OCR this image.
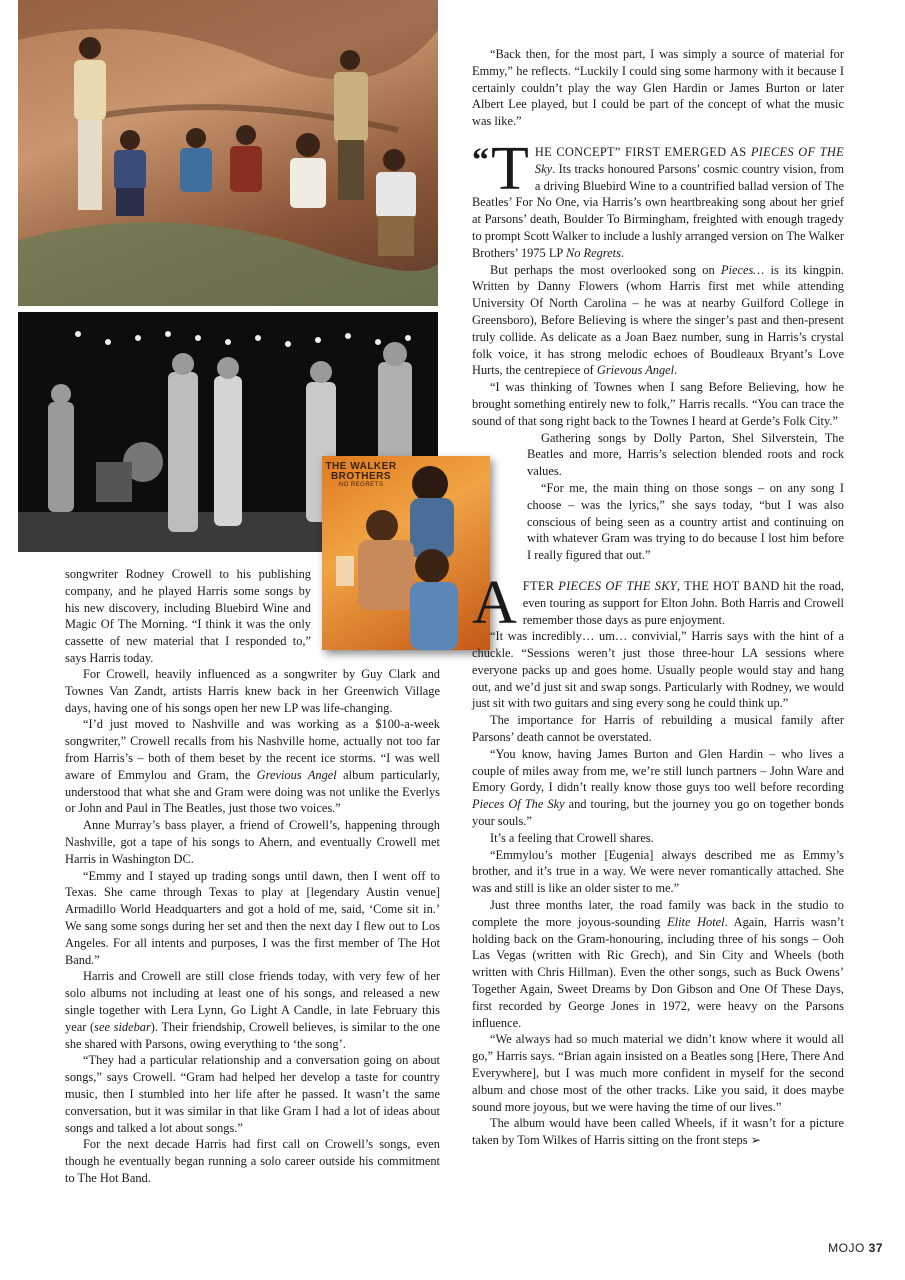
THE WALKER BROTHERS
NO REGRETS

songwriter Rodney Crowell to his publishing company, and he played Harris some songs by his new discovery, including Bluebird Wine and Magic Of The Morning. “I think it was the only cassette of new material that I responded to,” says Harris today.

For Crowell, heavily influenced as a songwriter by Guy Clark and Townes Van Zandt, artists Harris knew back in her Greenwich Village days, having one of his songs open her new LP was life-changing.

“I’d just moved to Nashville and was working as a $100-a-week songwriter,” Crowell recalls from his Nashville home, actually not too far from Harris’s – both of them beset by the recent ice storms. “I was well aware of Emmylou and Gram, the Grevious Angel album particularly, understood that what she and Gram were doing was not unlike the Everlys or John and Paul in The Beatles, just those two voices.”

Anne Murray’s bass player, a friend of Crowell’s, happening through Nashville, got a tape of his songs to Ahern, and eventually Crowell met Harris in Washington DC.

“Emmy and I stayed up trading songs until dawn, then I went off to Texas. She came through Texas to play at [legendary Austin venue] Armadillo World Headquarters and got a hold of me, said, ‘Come sit in.’ We sang some songs during her set and then the next day I flew out to Los Angeles. For all intents and purposes, I was the first member of The Hot Band.”

Harris and Crowell are still close friends today, with very few of her solo albums not including at least one of his songs, and released a new single together with Lera Lynn, Go Light A Candle, in late February this year (see sidebar). Their friendship, Crowell believes, is similar to the one she shared with Parsons, owing everything to ‘the song’.

“They had a particular relationship and a conversation going on about songs,” says Crowell. “Gram had helped her develop a taste for country music, then I stumbled into her life after he passed. It wasn’t the same conversation, but it was similar in that like Gram I had a lot of ideas about songs and talked a lot about songs.”

For the next decade Harris had first call on Crowell’s songs, even though he eventually began running a solo career outside his commitment to The Hot Band.

“Back then, for the most part, I was simply a source of material for Emmy,” he reflects. “Luckily I could sing some harmony with it because I certainly couldn’t play the way Glen Hardin or James Burton or later Albert Lee played, but I could be part of the concept of what the music was like.”

“ T HE CONCEPT” FIRST EMERGED AS PIECES OF THE Sky. Its tracks honoured Parsons’ cosmic country vision, from a driving Bluebird Wine to a countrified ballad version of The Beatles’ For No One, via Harris’s own heartbreaking song about her grief at Parsons’ death, Boulder To Birmingham, freighted with enough tragedy to prompt Scott Walker to include a lushly arranged version on The Walker Brothers’ 1975 LP No Regrets.

But perhaps the most overlooked song on Pieces… is its kingpin. Written by Danny Flowers (whom Harris first met while attending University Of North Carolina – he was at nearby Guilford College in Greensboro), Before Believing is where the singer’s past and then-present truly collide. As delicate as a Joan Baez number, sung in Harris’s crystal folk voice, it has strong melodic echoes of Boudleaux Bryant’s Love Hurts, the centrepiece of Grievous Angel.

“I was thinking of Townes when I sang Before Believing, how he brought something entirely new to folk,” Harris recalls. “You can trace the sound of that song right back to the Townes I heard at Gerde’s Folk City.”

Gathering songs by Dolly Parton, Shel Silverstein, The Beatles and more, Harris’s selection blended roots and rock values.

“For me, the main thing on those songs – on any song I choose – was the lyrics,” she says today, “but I was also conscious of being seen as a country artist and continuing on with whatever Gram was trying to do because I lost him before I really figured that out.”

AFTER PIECES OF THE SKY, THE HOT BAND hit the road, even touring as support for Elton John. Both Harris and Crowell remember those days as pure enjoyment.

“It was incredibly… um… convivial,” Harris says with the hint of a chuckle. “Sessions weren’t just those three-hour LA sessions where everyone packs up and goes home. Usually people would stay and hang out, and we’d just sit and swap songs. Particularly with Rodney, we would just sit with two guitars and sing every song he could think up.”

The importance for Harris of rebuilding a musical family after Parsons’ death cannot be overstated.

“You know, having James Burton and Glen Hardin – who lives a couple of miles away from me, we’re still lunch partners – John Ware and Emory Gordy, I didn’t really know those guys too well before recording Pieces Of The Sky and touring, but the journey you go on together bonds your souls.”

It’s a feeling that Crowell shares.

“Emmylou’s mother [Eugenia] always described me as Emmy’s brother, and it’s true in a way. We were never romantically attached. She was and still is like an older sister to me.”

Just three months later, the road family was back in the studio to complete the more joyous-sounding Elite Hotel. Again, Harris wasn’t holding back on the Gram-honouring, including three of his songs – Ooh Las Vegas (written with Ric Grech), and Sin City and Wheels (both written with Chris Hillman). Even the other songs, such as Buck Owens’ Together Again, Sweet Dreams by Don Gibson and One Of These Days, first recorded by George Jones in 1972, were heavy on the Parsons influence.

“We always had so much material we didn’t know where it would all go,” Harris says. “Brian again insisted on a Beatles song [Here, There And Everywhere], but I was much more confident in myself for the second album and chose most of the other tracks. Like you said, it does maybe sound more joyous, but we were having the time of our lives.”

The album would have been called Wheels, if it wasn’t for a picture taken by Tom Wilkes of Harris sitting on the front steps ➢

MOJO 37
